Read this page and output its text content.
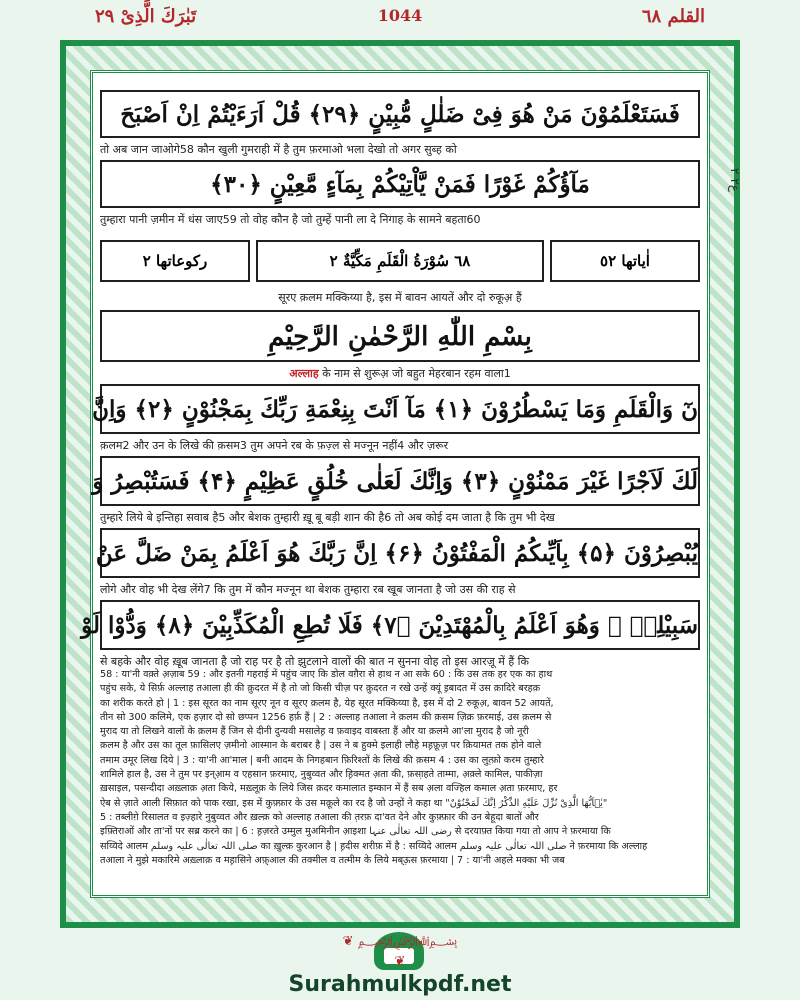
تَبٰرَكَ الَّذِیْ ۲۹	1044	القلم ٦٨
ع٢ ٢
فَسَتَعْلَمُوْنَ مَنْ هُوَ فِیْ ضَلٰلٍ مُّبِیْنٍ ﴿۲۹﴾ قُلْ اَرَءَیْتُمْ اِنْ اَصْبَحَ
तो अब जान जाओगे58 कौन खुली गुमराही में है तुम फ़रमाओ भला देखो तो अगर सुब्ह को
مَآؤُكُمْ غَوْرًا فَمَنْ یَّاْتِیْكُمْ بِمَآءٍ مَّعِیْنٍ ﴿۳۰﴾
तुम्हारा पानी ज़मीन में धंस जाए59 तो वोह कौन है जो तुम्हें पानी ला दे निगाह के सामने बहता60
اٰیاتها ٥٢
٦٨ سُوْرَةُ الْقَلَمِ مَكِّیَّةٌ ٢
رکوعاتها ٢
सूरए क़लम मक्किय्या है, इस में बावन आयतें और दो रुकूअ़ हैं
بِسْمِ اللّٰهِ الرَّحْمٰنِ الرَّحِیْمِ
अल्लाह के नाम से शुरूअ़ जो बहुत मेहरबान रहम वाला1
نٓ وَالْقَلَمِ وَمَا یَسْطُرُوْنَ ﴿۱﴾ مَآ اَنْتَ بِنِعْمَةِ رَبِّكَ بِمَجْنُوْنٍ ﴿۲﴾ وَاِنَّ
क़लम2 और उन के लिखे की क़सम3 तुम अपने रब के फ़ज़्ल से मज्नून नहीं4 और ज़रूर
لَكَ لَاَجْرًا غَیْرَ مَمْنُوْنٍ ﴿۳﴾ وَاِنَّكَ لَعَلٰى خُلُقٍ عَظِیْمٍ ﴿۴﴾ فَسَتُبْصِرُ وَ
तुम्हारे लिये बे इन्तिहा सवाब है5 और बेशक तुम्हारी ख़ू बू बड़ी शान की है6 तो अब कोई दम जाता है कि तुम भी देख
یُبْصِرُوْنَ ﴿۵﴾ بِاَیِّىكُمُ الْمَفْتُوْنُ ﴿۶﴾ اِنَّ رَبَّكَ هُوَ اَعْلَمُ بِمَنْ ضَلَّ عَنْ
लोगे और वोह भी देख लेंगे7 कि तुम में कौन मज्नून था बेशक तुम्हारा रब खूब जानता है जो उस की राह से
سَبِیْلِهٖ ۪ وَهُوَ اَعْلَمُ بِالْمُهْتَدِیْنَ ﴿۷﴾ فَلَا تُطِعِ الْمُكَذِّبِیْنَ ﴿۸﴾ وَدُّوْا لَوْ
से बहके और वोह ख़ूब जानता है जो राह पर है तो झुटलाने वालों की बात न सुनना वोह तो इस आरज़ू में हैं कि
58 : या'नी वक़्ते अ़ज़ाब 59 : और इतनी गहराई में पहुंच जाए कि डोल वग़ैरा से हाथ न आ सके 60 : कि उस तक हर एक का हाथ
पहुंच सके, ये सिर्फ़ अल्लाह तआला ही की क़ुदरत में है तो जो किसी चीज़ पर क़ुदरत न रखे उन्हें क्यूं इ़बादत में उस क़ादिरे बरहक़
का शरीक करते हो | 1 : इस सूरत का नाम सूरए नून व सूरए क़लम है, येह सूरत मक्किय्या है, इस में दो 2 रुकूअ़, बावन 52 आयतें,
तीन सो 300 कलिमे, एक हज़ार दो सो छप्पन 1256 हर्फ़ हैं | 2 : अल्लाह तआला ने क़लम की क़सम ज़िक्र फ़रमाई, उस क़लम से
मुराद या तो लिखने वालों के क़लम हैं जिन से दीनी दुन्यवी मसालेह़ व फ़वाइद वाबस्ता हैं और या क़लमे आ'ला मुराद है जो नूरी
क़लम है और उस का तूल फ़ासिलए ज़मीनो आस्मान के बराबर है | उस ने ब हुक्मे इलाही लौहे मह़फ़ूज़ पर क़ियामत तक होने वाले
तमाम उमूर लिख दिये | 3 : या'नी आ'माल | बनी आदम के निगहबान फ़िरिश्तों के लिखे की क़सम 4 : उस का लुत़्फ़ो करम तुम्हारे
शामिले हाल है, उस ने तुम पर इन्आ़म व एहसान फ़रमाए, नुबुव्वत और ह़िक्मत अ़ता की, फ़सा़हते ताम्मा, अ़क़्ले कामिल, पाकीज़ा
ख़साइल, पसन्दीदा अख़्लाक़ अ़ता किये, मख़्लूक़ के लिये जिस क़दर कमालात इम्कान में हैं सब अ़ला वज्हिल कमाल अ़ता फ़रमाए, हर
ऐब से ज़ाते आली सिफ़ात को पाक रखा, इस में कुफ़्फ़ार के उस मक़ूले का रद है जो उन्हों ने कहा था "یٰۤاَیُّهَا الَّذِیْ نُزِّلَ عَلَیْهِ الذِّكْرُ اِنَّكَ لَمَجْنُوْنٌ"
5 : तब्लीग़े रिसालत व इज़्हारे नुबुव्वत और ख़ल्क़ को अल्लाह तआला की त़रफ़ दा'वत देने और कुफ़्फ़ार की उन बेहूदा बातों और
इफ़्तिराओं और ता'नों पर सब्र करने का | 6 : ह़ज़रते उम्मुल मुअमिनीन आ़इशा رضی اللہ تعالٰی عنہا से दरयाफ़्त किया गया तो आप ने फ़रमाया कि
सय्यिदे आलम صلی اللہ تعالٰی علیہ وسلم का ख़ुल्क़ कुरआन है | ह़दीस शरीफ़ में है : सय्यिदे आलम صلی اللہ تعالٰی علیہ وسلم ने फ़रमाया कि अल्लाह
तआला ने मुझे मकारिमे अख़्लाक़ व मह़ासिने अफ़्आल की तक्मील व तत्मीम के लिये मब्ऊ़स फ़रमाया | 7 : या'नी अहले मक्का भी जब
Surahmulkpdf.net
❦ ﷽ ❦
